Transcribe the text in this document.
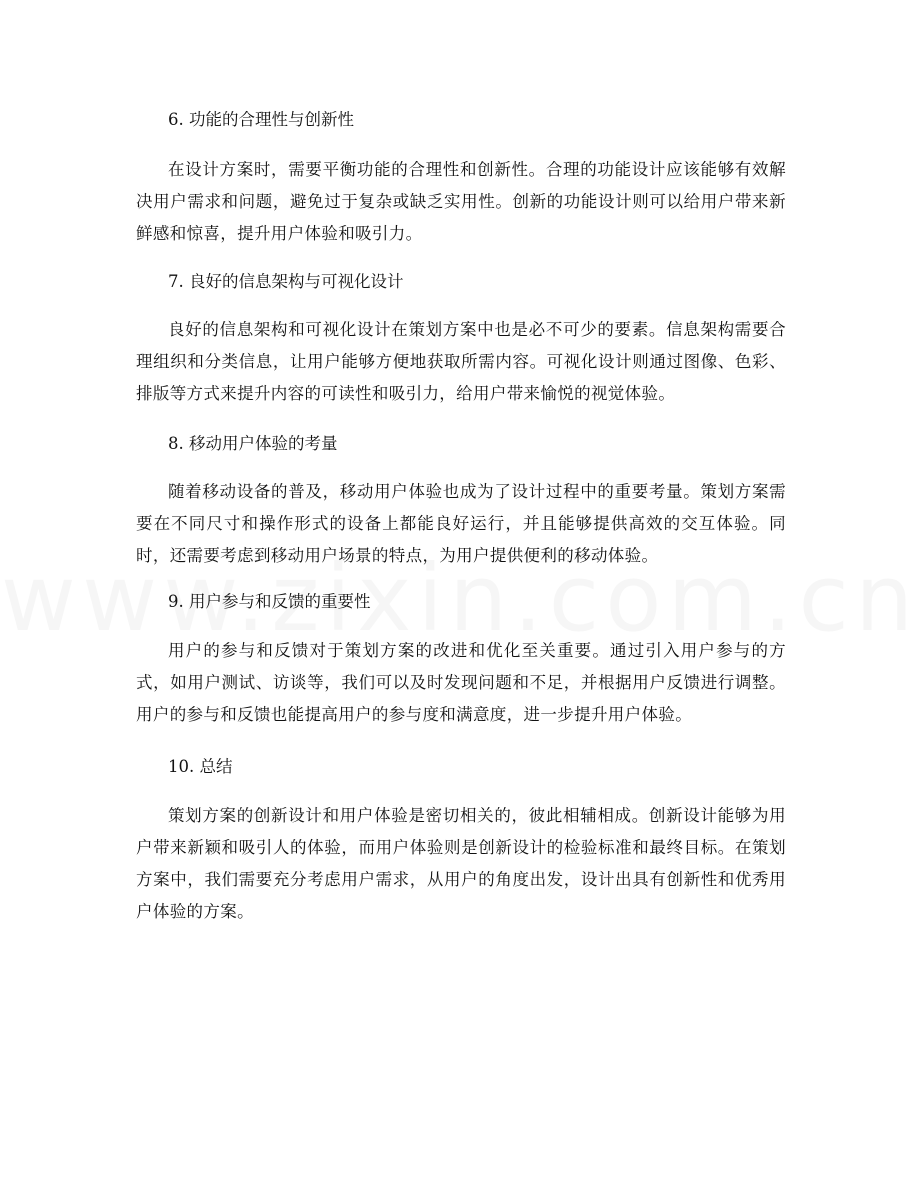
6. 功能的合理性与创新性

在设计方案时，需要平衡功能的合理性和创新性。合理的功能设计应该能够有效解决用户需求和问题，避免过于复杂或缺乏实用性。创新的功能设计则可以给用户带来新鲜感和惊喜，提升用户体验和吸引力。

7. 良好的信息架构与可视化设计

良好的信息架构和可视化设计在策划方案中也是必不可少的要素。信息架构需要合理组织和分类信息，让用户能够方便地获取所需内容。可视化设计则通过图像、色彩、排版等方式来提升内容的可读性和吸引力，给用户带来愉悦的视觉体验。

8. 移动用户体验的考量

随着移动设备的普及，移动用户体验也成为了设计过程中的重要考量。策划方案需要在不同尺寸和操作形式的设备上都能良好运行，并且能够提供高效的交互体验。同时，还需要考虑到移动用户场景的特点，为用户提供便利的移动体验。

9. 用户参与和反馈的重要性

用户的参与和反馈对于策划方案的改进和优化至关重要。通过引入用户参与的方式，如用户测试、访谈等，我们可以及时发现问题和不足，并根据用户反馈进行调整。用户的参与和反馈也能提高用户的参与度和满意度，进一步提升用户体验。

10. 总结

策划方案的创新设计和用户体验是密切相关的，彼此相辅相成。创新设计能够为用户带来新颖和吸引人的体验，而用户体验则是创新设计的检验标准和最终目标。在策划方案中，我们需要充分考虑用户需求，从用户的角度出发，设计出具有创新性和优秀用户体验的方案。
